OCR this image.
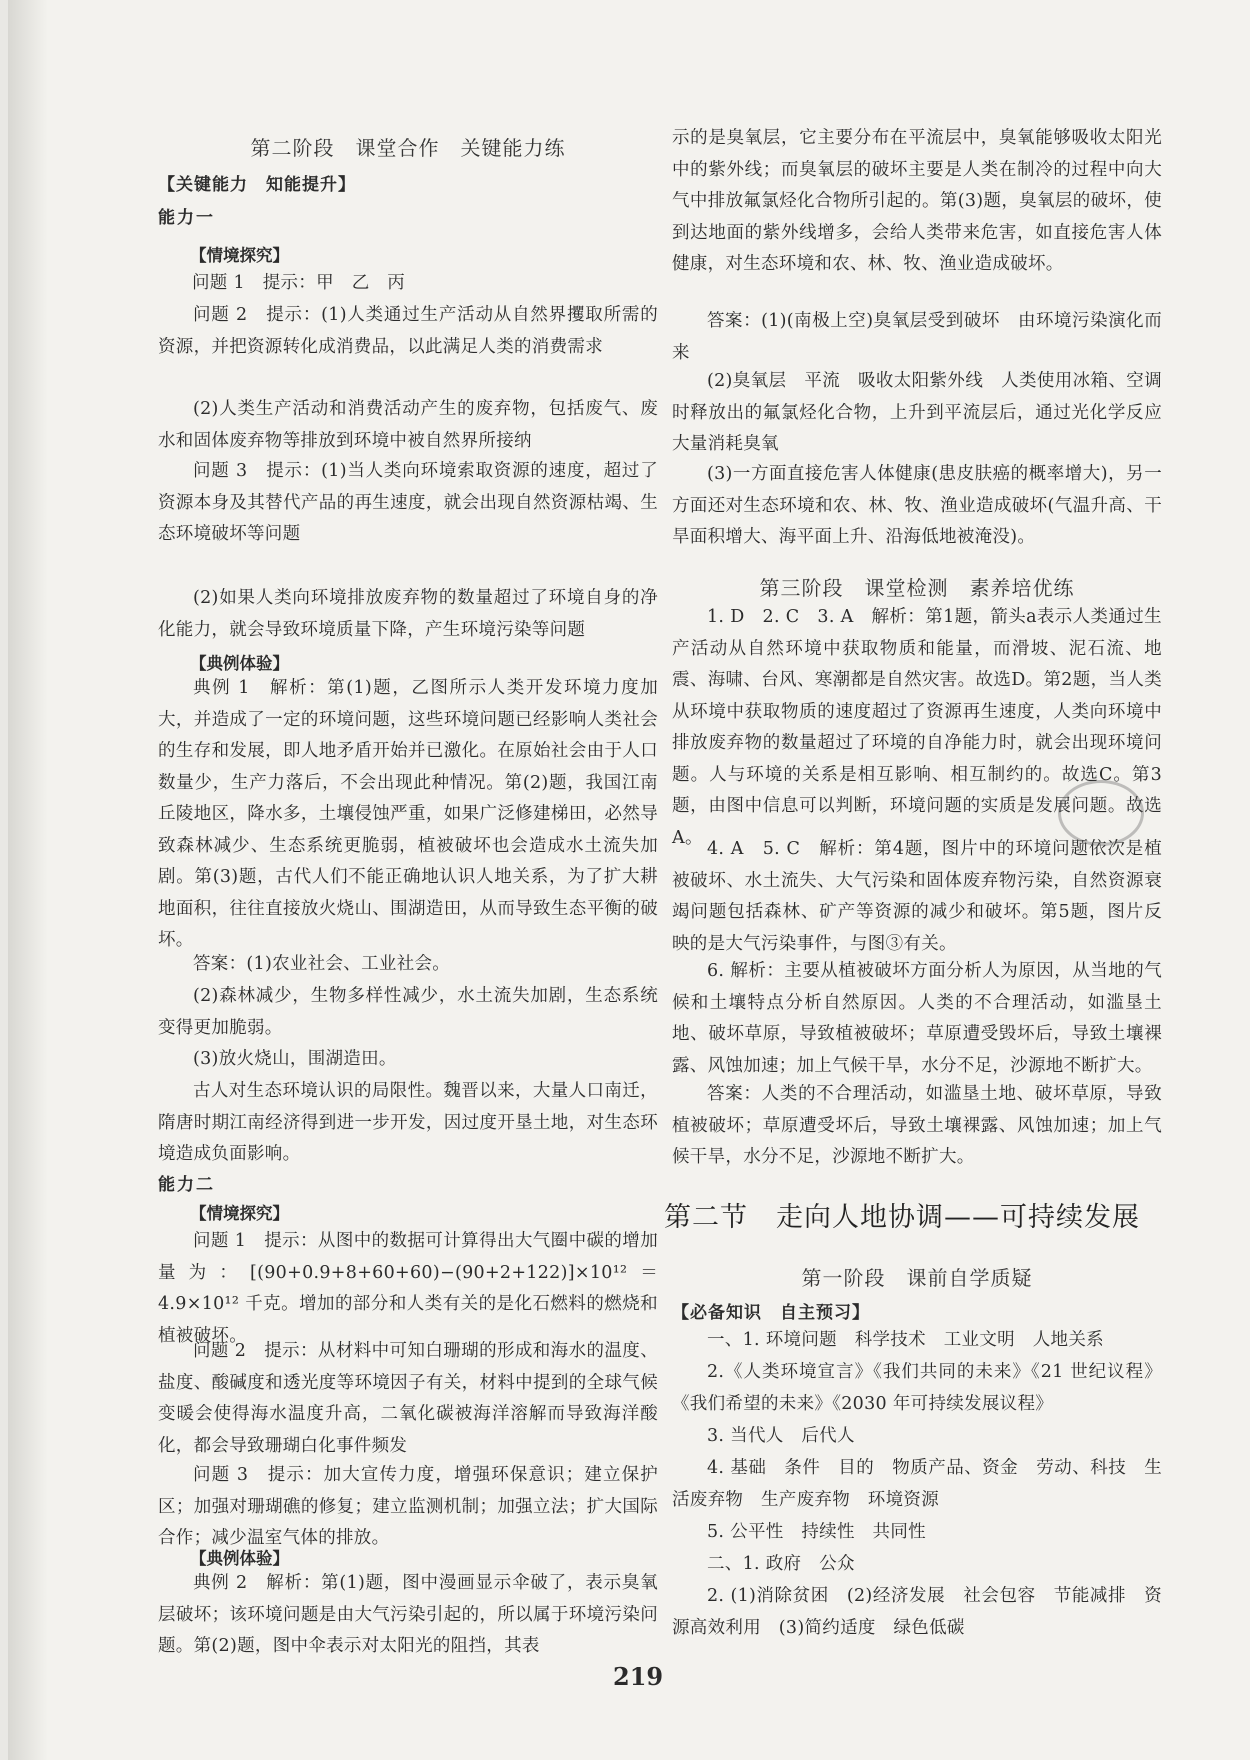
第二阶段　课堂合作　关键能力练

【关键能力　知能提升】

能力一

【情境探究】

问题 1　提示：甲　乙　丙

问题 2　提示：(1)人类通过生产活动从自然界攫取所需的资源，并把资源转化成消费品，以此满足人类的消费需求

(2)人类生产活动和消费活动产生的废弃物，包括废气、废水和固体废弃物等排放到环境中被自然界所接纳

问题 3　提示：(1)当人类向环境索取资源的速度，超过了资源本身及其替代产品的再生速度，就会出现自然资源枯竭、生态环境破坏等问题

(2)如果人类向环境排放废弃物的数量超过了环境自身的净化能力，就会导致环境质量下降，产生环境污染等问题

【典例体验】

典例 1　解析：第(1)题，乙图所示人类开发环境力度加大，并造成了一定的环境问题，这些环境问题已经影响人类社会的生存和发展，即人地矛盾开始并已激化。在原始社会由于人口数量少，生产力落后，不会出现此种情况。第(2)题，我国江南丘陵地区，降水多，土壤侵蚀严重，如果广泛修建梯田，必然导致森林减少、生态系统更脆弱，植被破坏也会造成水土流失加剧。第(3)题，古代人们不能正确地认识人地关系，为了扩大耕地面积，往往直接放火烧山、围湖造田，从而导致生态平衡的破坏。

答案：(1)农业社会、工业社会。

(2)森林减少，生物多样性减少，水土流失加剧，生态系统变得更加脆弱。

(3)放火烧山，围湖造田。

古人对生态环境认识的局限性。魏晋以来，大量人口南迁，隋唐时期江南经济得到进一步开发，因过度开垦土地，对生态环境造成负面影响。

能力二

【情境探究】

问题 1　提示：从图中的数据可计算得出大气圈中碳的增加量为：[(90+0.9+8+60+60)−(90+2+122)]×10¹²＝4.9×10¹² 千克。增加的部分和人类有关的是化石燃料的燃烧和植被破坏。

问题 2　提示：从材料中可知白珊瑚的形成和海水的温度、盐度、酸碱度和透光度等环境因子有关，材料中提到的全球气候变暖会使得海水温度升高，二氧化碳被海洋溶解而导致海洋酸化，都会导致珊瑚白化事件频发

问题 3　提示：加大宣传力度，增强环保意识；建立保护区；加强对珊瑚礁的修复；建立监测机制；加强立法；扩大国际合作；减少温室气体的排放。

【典例体验】

典例 2　解析：第(1)题，图中漫画显示伞破了，表示臭氧层破坏；该环境问题是由大气污染引起的，所以属于环境污染问题。第(2)题，图中伞表示对太阳光的阻挡，其表

示的是臭氧层，它主要分布在平流层中，臭氧能够吸收太阳光中的紫外线；而臭氧层的破坏主要是人类在制冷的过程中向大气中排放氟氯烃化合物所引起的。第(3)题，臭氧层的破坏，使到达地面的紫外线增多，会给人类带来危害，如直接危害人体健康，对生态环境和农、林、牧、渔业造成破坏。

答案：(1)(南极上空)臭氧层受到破坏　由环境污染演化而来

(2)臭氧层　平流　吸收太阳紫外线　人类使用冰箱、空调时释放出的氟氯烃化合物，上升到平流层后，通过光化学反应大量消耗臭氧

(3)一方面直接危害人体健康(患皮肤癌的概率增大)，另一方面还对生态环境和农、林、牧、渔业造成破坏(气温升高、干旱面积增大、海平面上升、沿海低地被淹没)。

第三阶段　课堂检测　素养培优练

1. D　2. C　3. A　解析：第1题，箭头a表示人类通过生产活动从自然环境中获取物质和能量，而滑坡、泥石流、地震、海啸、台风、寒潮都是自然灾害。故选D。第2题，当人类从环境中获取物质的速度超过了资源再生速度，人类向环境中排放废弃物的数量超过了环境的自净能力时，就会出现环境问题。人与环境的关系是相互影响、相互制约的。故选C。第3题，由图中信息可以判断，环境问题的实质是发展问题。故选A。

4. A　5. C　解析：第4题，图片中的环境问题依次是植被破坏、水土流失、大气污染和固体废弃物污染，自然资源衰竭问题包括森林、矿产等资源的减少和破坏。第5题，图片反映的是大气污染事件，与图③有关。

6. 解析：主要从植被破坏方面分析人为原因，从当地的气候和土壤特点分析自然原因。人类的不合理活动，如滥垦土地、破坏草原，导致植被破坏；草原遭受毁坏后，导致土壤裸露、风蚀加速；加上气候干旱，水分不足，沙源地不断扩大。

答案：人类的不合理活动，如滥垦土地、破坏草原，导致植被破坏；草原遭受坏后，导致土壤裸露、风蚀加速；加上气候干旱，水分不足，沙源地不断扩大。

第二节　走向人地协调——可持续发展

第一阶段　课前自学质疑

【必备知识　自主预习】

一、1. 环境问题　科学技术　工业文明　人地关系

2.《人类环境宣言》《我们共同的未来》《21 世纪议程》《我们希望的未来》《2030 年可持续发展议程》

3. 当代人　后代人

4. 基础　条件　目的　物质产品、资金　劳动、科技　生活废弃物　生产废弃物　环境资源

5. 公平性　持续性　共同性

二、1. 政府　公众

2. (1)消除贫困　(2)经济发展　社会包容　节能减排　资源高效利用　(3)简约适度　绿色低碳

219
